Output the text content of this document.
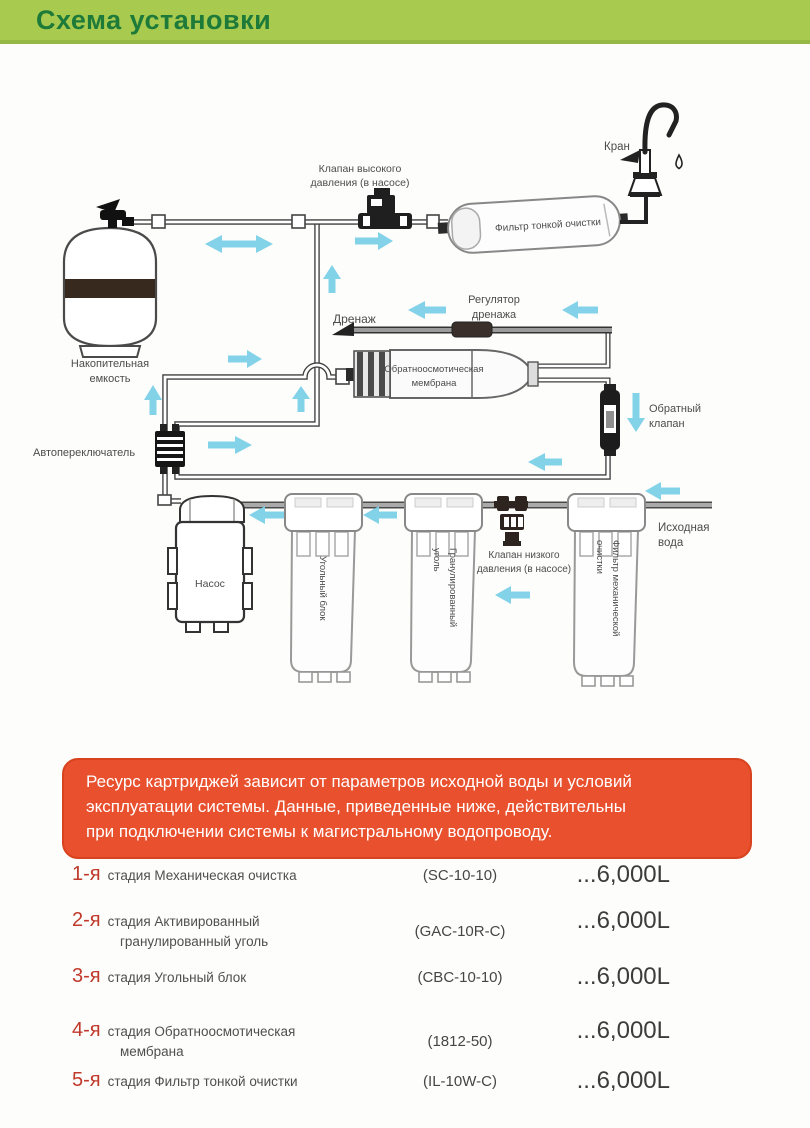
Схема установки
Фильтр тонкой очистки
Обратноосмотическая
мембрана
Насос	Угольный блок	Гранулированный
уголь	Фильтр механической
очистки
Кран
Клапан высокого
давления (в насосе)
Дренаж
Регулятор
дренажа
Обратный
клапан
Накопительная
емкость
Автопереключатель
Клапан низкого
давления (в насосе)
Исходная
вода
Ресурс картриджей зависит от параметров исходной воды и условий
эксплуатации системы. Данные, приведенные ниже, действительны
при подключении системы к магистральному водопроводу.
1-я стадия Механическая очистка	(SC-10-10)	...6,000L
2-я стадия Активированный
гранулированный уголь
(GAC-10R-C)	...6,000L
3-я стадия Угольный блок	(CBC-10-10)	...6,000L
4-я стадия Обратноосмотическая
мембрана
(1812-50)	...6,000L
5-я стадия Фильтр тонкой очистки	(IL-10W-C)	...6,000L
